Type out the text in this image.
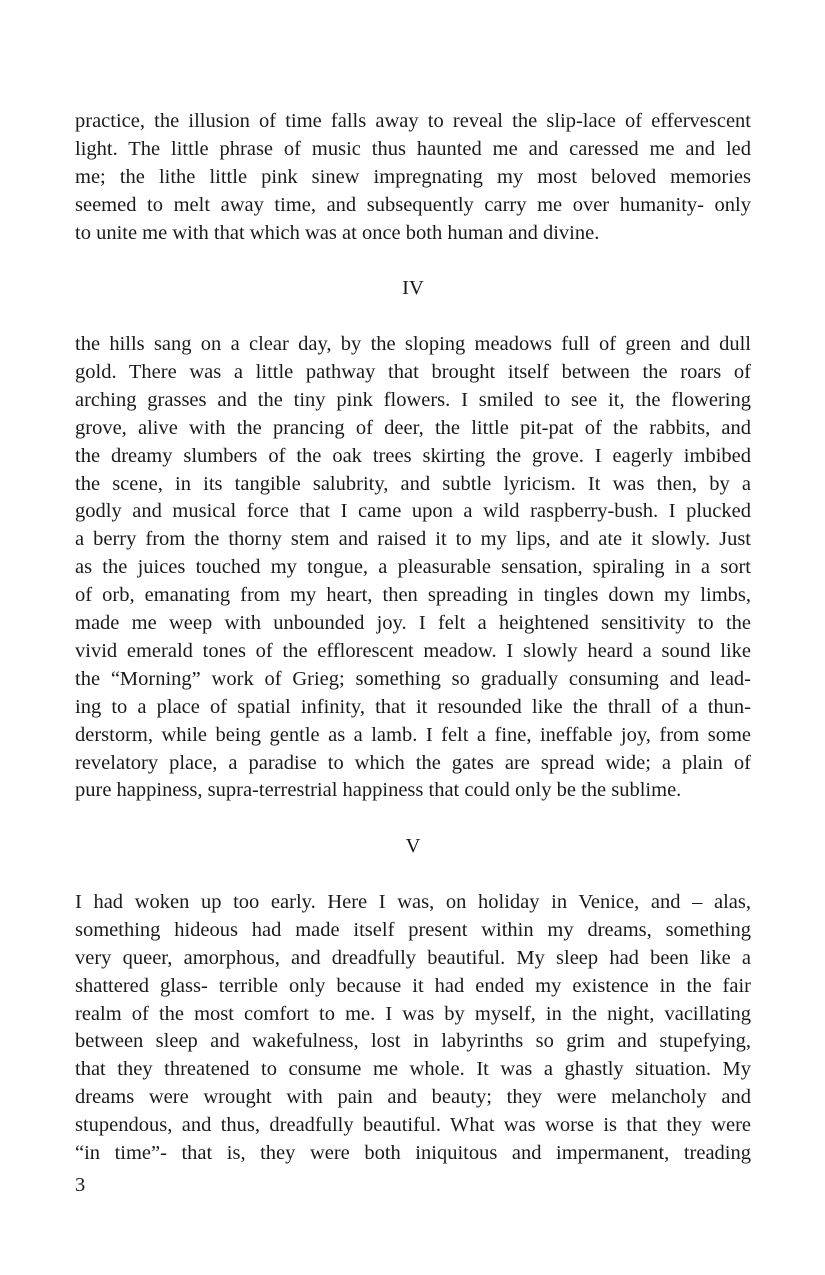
practice, the illusion of time falls away to reveal the slip-lace of effervescent
light. The little phrase of music thus haunted me and caressed me and led
me; the lithe little pink sinew impregnating my most beloved memories
seemed to melt away time, and subsequently carry me over humanity- only
to unite me with that which was at once both human and divine.
IV
the hills sang on a clear day, by the sloping meadows full of green and dull
gold. There was a little pathway that brought itself between the roars of
arching grasses and the tiny pink flowers. I smiled to see it, the flowering
grove, alive with the prancing of deer, the little pit-pat of the rabbits, and
the dreamy slumbers of the oak trees skirting the grove. I eagerly imbibed
the scene, in its tangible salubrity, and subtle lyricism. It was then, by a
godly and musical force that I came upon a wild raspberry-bush. I plucked
a berry from the thorny stem and raised it to my lips, and ate it slowly. Just
as the juices touched my tongue, a pleasurable sensation, spiraling in a sort
of orb, emanating from my heart, then spreading in tingles down my limbs,
made me weep with unbounded joy. I felt a heightened sensitivity to the
vivid emerald tones of the efflorescent meadow. I slowly heard a sound like
the “Morning” work of Grieg; something so gradually consuming and lead-
ing to a place of spatial infinity, that it resounded like the thrall of a thun-
derstorm, while being gentle as a lamb. I felt a fine, ineffable joy, from some
revelatory place, a paradise to which the gates are spread wide; a plain of
pure happiness, supra-terrestrial happiness that could only be the sublime.
V
I had woken up too early. Here I was, on holiday in Venice, and – alas,
something hideous had made itself present within my dreams, something
very queer, amorphous, and dreadfully beautiful. My sleep had been like a
shattered glass- terrible only because it had ended my existence in the fair
realm of the most comfort to me. I was by myself, in the night, vacillating
between sleep and wakefulness, lost in labyrinths so grim and stupefying,
that they threatened to consume me whole. It was a ghastly situation. My
dreams were wrought with pain and beauty; they were melancholy and
stupendous, and thus, dreadfully beautiful. What was worse is that they were
“in time”- that is, they were both iniquitous and impermanent, treading
3
